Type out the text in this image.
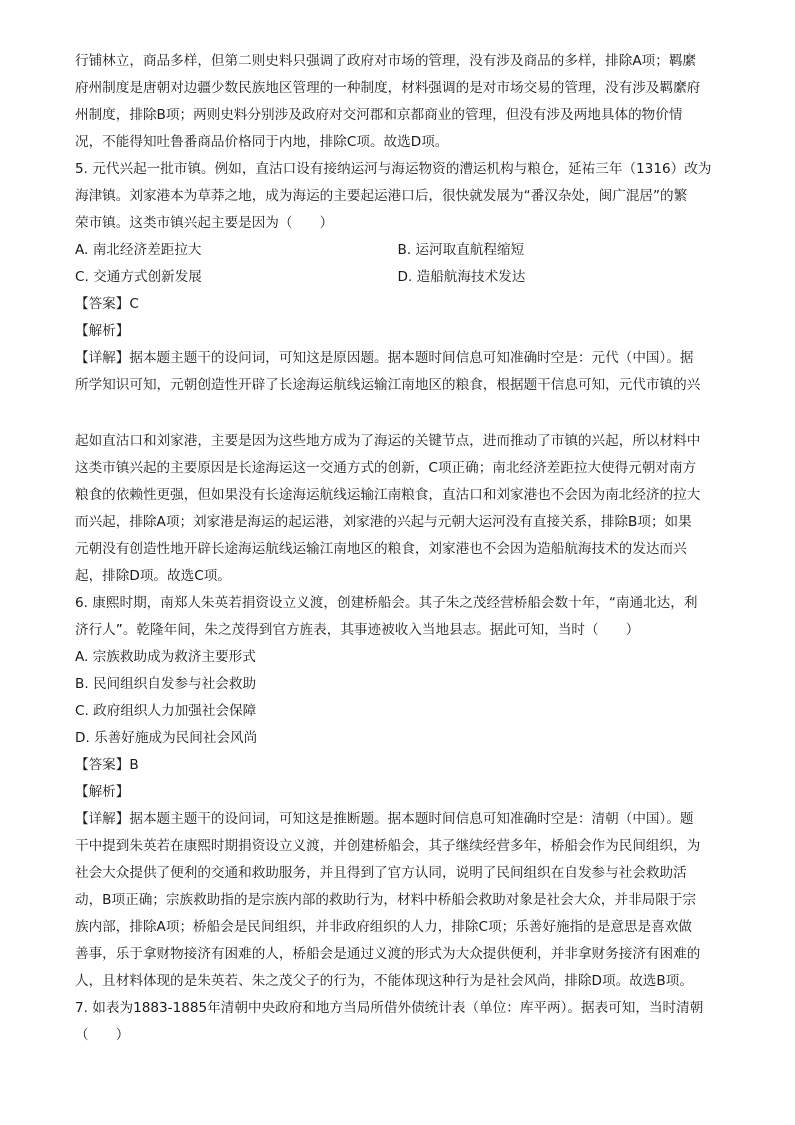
行铺林立，商品多样，但第二则史料只强调了政府对市场的管理，没有涉及商品的多样，排除A项；羁縻
府州制度是唐朝对边疆少数民族地区管理的一种制度，材料强调的是对市场交易的管理，没有涉及羁縻府
州制度，排除B项；两则史料分别涉及政府对交河郡和京都商业的管理，但没有涉及两地具体的物价情
况，不能得知吐鲁番商品价格同于内地，排除C项。故选D项。
5. 元代兴起一批市镇。例如，直沽口设有接纳运河与海运物资的漕运机构与粮仓，延祐三年（1316）改为
海津镇。刘家港本为草莽之地，成为海运的主要起运港口后，很快就发展为“番汉杂处，闽广混居”的繁
荣市镇。这类市镇兴起主要是因为（　　）
A. 南北经济差距拉大	B. 运河取直航程缩短
C. 交通方式创新发展	D. 造船航海技术发达
【答案】C
【解析】
【详解】据本题主题干的设问词，可知这是原因题。据本题时间信息可知准确时空是：元代（中国）。据
所学知识可知，元朝创造性开辟了长途海运航线运输江南地区的粮食，根据题干信息可知，元代市镇的兴
起如直沽口和刘家港，主要是因为这些地方成为了海运的关键节点，进而推动了市镇的兴起，所以材料中
这类市镇兴起的主要原因是长途海运这一交通方式的创新，C项正确；南北经济差距拉大使得元朝对南方
粮食的依赖性更强，但如果没有长途海运航线运输江南粮食，直沽口和刘家港也不会因为南北经济的拉大
而兴起，排除A项；刘家港是海运的起运港，刘家港的兴起与元朝大运河没有直接关系，排除B项；如果
元朝没有创造性地开辟长途海运航线运输江南地区的粮食，刘家港也不会因为造船航海技术的发达而兴
起，排除D项。故选C项。
6. 康熙时期，南郑人朱英若捐资设立义渡，创建桥船会。其子朱之茂经营桥船会数十年，“南通北达，利
济行人”。乾隆年间，朱之茂得到官方旌表，其事迹被收入当地县志。据此可知，当时（　　）
A. 宗族救助成为救济主要形式
B. 民间组织自发参与社会救助
C. 政府组织人力加强社会保障
D. 乐善好施成为民间社会风尚
【答案】B
【解析】
【详解】据本题主题干的设问词，可知这是推断题。据本题时间信息可知准确时空是：清朝（中国）。题
干中提到朱英若在康熙时期捐资设立义渡，并创建桥船会，其子继续经营多年，桥船会作为民间组织，为
社会大众提供了便利的交通和救助服务，并且得到了官方认同，说明了民间组织在自发参与社会救助活
动，B项正确；宗族救助指的是宗族内部的救助行为，材料中桥船会救助对象是社会大众，并非局限于宗
族内部，排除A项；桥船会是民间组织，并非政府组织的人力，排除C项；乐善好施指的是意思是喜欢做
善事，乐于拿财物接济有困难的人，桥船会是通过义渡的形式为大众提供便利，并非拿财务接济有困难的
人，且材料体现的是朱英若、朱之茂父子的行为，不能体现这种行为是社会风尚，排除D项。故选B项。
7. 如表为1883-1885年清朝中央政府和地方当局所借外债统计表（单位：库平两）。据表可知，当时清朝
（　　）
